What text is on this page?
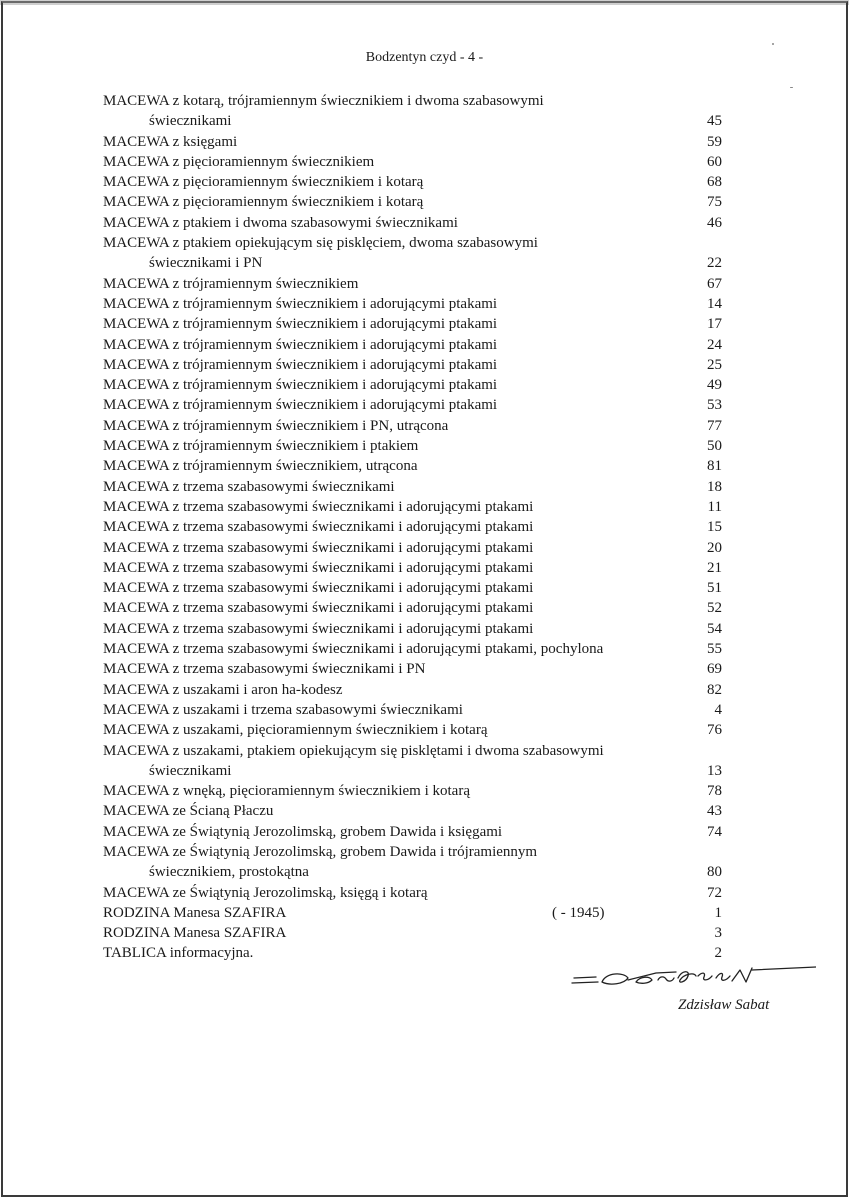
Bodzentyn czyd - 4 -
MACEWA z kotarą, trójramiennym świecznikiem i dwoma szabasowymi
świecznikami	45
MACEWA z księgami	59
MACEWA z pięcioramiennym świecznikiem	60
MACEWA z pięcioramiennym świecznikiem i kotarą	68
MACEWA z pięcioramiennym świecznikiem i kotarą	75
MACEWA z ptakiem i dwoma szabasowymi świecznikami	46
MACEWA z ptakiem opiekującym się pisklęciem, dwoma szabasowymi
świecznikami i PN	22
MACEWA z trójramiennym świecznikiem	67
MACEWA z trójramiennym świecznikiem i adorującymi ptakami	14
MACEWA z trójramiennym świecznikiem i adorującymi ptakami	17
MACEWA z trójramiennym świecznikiem i adorującymi ptakami	24
MACEWA z trójramiennym świecznikiem i adorującymi ptakami	25
MACEWA z trójramiennym świecznikiem i adorującymi ptakami	49
MACEWA z trójramiennym świecznikiem i adorującymi ptakami	53
MACEWA z trójramiennym świecznikiem i PN, utrącona	77
MACEWA z trójramiennym świecznikiem i ptakiem	50
MACEWA z trójramiennym świecznikiem, utrącona	81
MACEWA z trzema szabasowymi świecznikami	18
MACEWA z trzema szabasowymi świecznikami i adorującymi ptakami	11
MACEWA z trzema szabasowymi świecznikami i adorującymi ptakami	15
MACEWA z trzema szabasowymi świecznikami i adorującymi ptakami	20
MACEWA z trzema szabasowymi świecznikami i adorującymi ptakami	21
MACEWA z trzema szabasowymi świecznikami i adorującymi ptakami	51
MACEWA z trzema szabasowymi świecznikami i adorującymi ptakami	52
MACEWA z trzema szabasowymi świecznikami i adorującymi ptakami	54
MACEWA z trzema szabasowymi świecznikami i adorującymi ptakami, pochylona	55
MACEWA z trzema szabasowymi świecznikami i PN	69
MACEWA z uszakami i aron ha-kodesz	82
MACEWA z uszakami i trzema szabasowymi świecznikami	4
MACEWA z uszakami, pięcioramiennym świecznikiem i kotarą	76
MACEWA z uszakami, ptakiem opiekującym się pisklętami i dwoma szabasowymi
świecznikami	13
MACEWA z wnęką, pięcioramiennym świecznikiem i kotarą	78
MACEWA ze Ścianą Płaczu	43
MACEWA ze Świątynią Jerozolimską, grobem Dawida i księgami	74
MACEWA ze Świątynią Jerozolimską, grobem Dawida i trójramiennym
świecznikiem, prostokątna	80
MACEWA ze Świątynią Jerozolimską, księgą i kotarą	72
RODZINA Manesa SZAFIRA	( - 1945)	1
RODZINA Manesa SZAFIRA	3
TABLICA informacyjna.	2
Zdzisław Sabat
